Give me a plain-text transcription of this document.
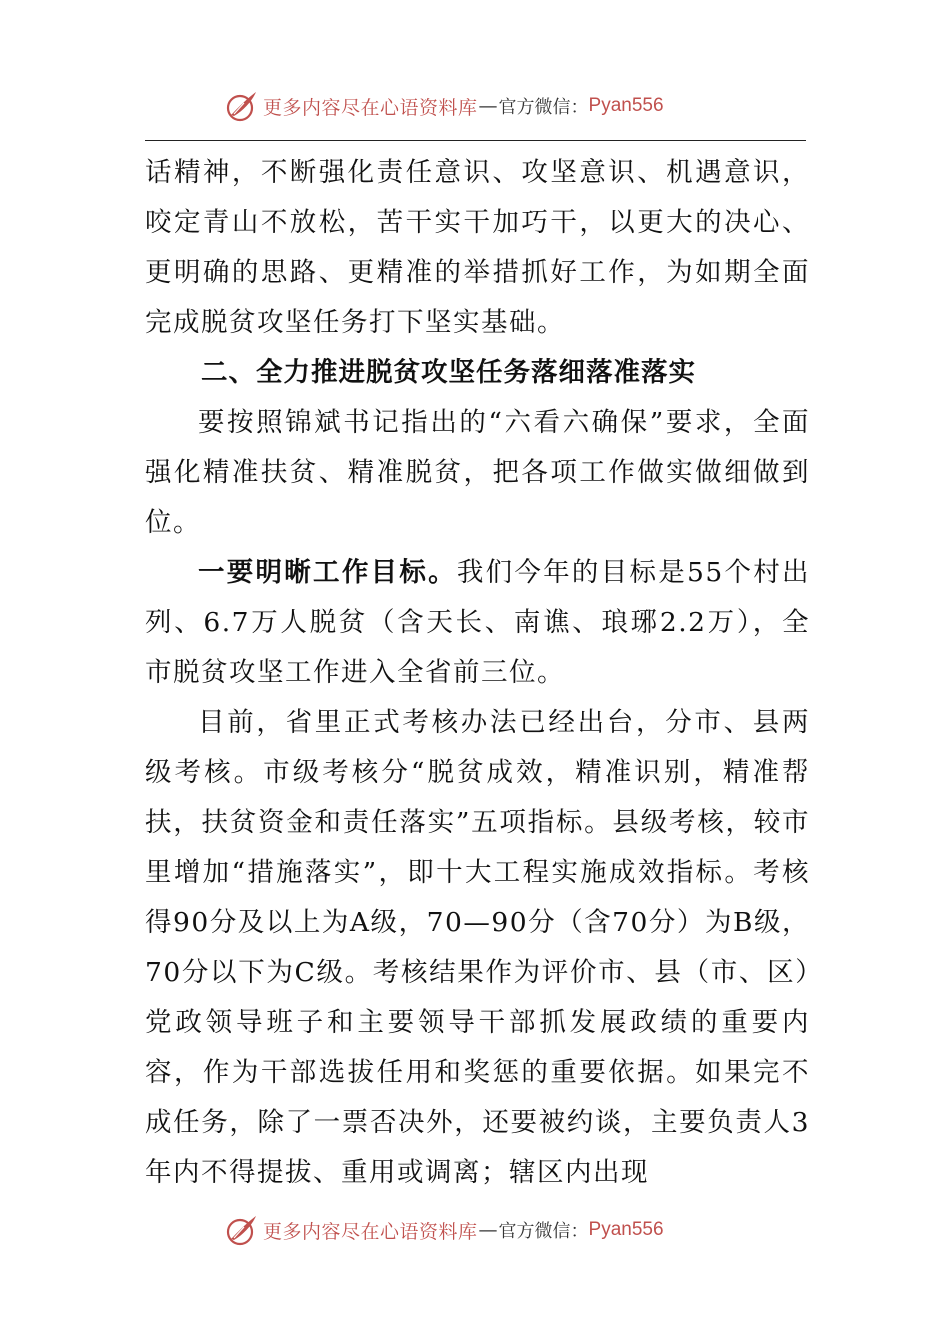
更多内容尽在心语资料库 — 官方微信： Pyan556

话精神，不断强化责任意识、攻坚意识、机遇意识，咬定青山不放松，苦干实干加巧干，以更大的决心、更明确的思路、更精准的举措抓好工作，为如期全面完成脱贫攻坚任务打下坚实基础。

二、全力推进脱贫攻坚任务落细落准落实

要按照锦斌书记指出的“六看六确保”要求，全面强化精准扶贫、精准脱贫，把各项工作做实做细做到位。

一要明晰工作目标。我们今年的目标是55个村出列、6.7万人脱贫（含天长、南谯、琅琊2.2万），全市脱贫攻坚工作进入全省前三位。

目前，省里正式考核办法已经出台，分市、县两级考核。市级考核分“脱贫成效，精准识别，精准帮扶，扶贫资金和责任落实”五项指标。县级考核，较市里增加“措施落实”，即十大工程实施成效指标。考核得90分及以上为A级，70—90分（含70分）为B级，70分以下为C级。考核结果作为评价市、县（市、区）党政领导班子和主要领导干部抓发展政绩的重要内容，作为干部选拔任用和奖惩的重要依据。如果完不成任务，除了一票否决外，还要被约谈，主要负责人3年内不得提拔、重用或调离；辖区内出现

更多内容尽在心语资料库 — 官方微信： Pyan556
